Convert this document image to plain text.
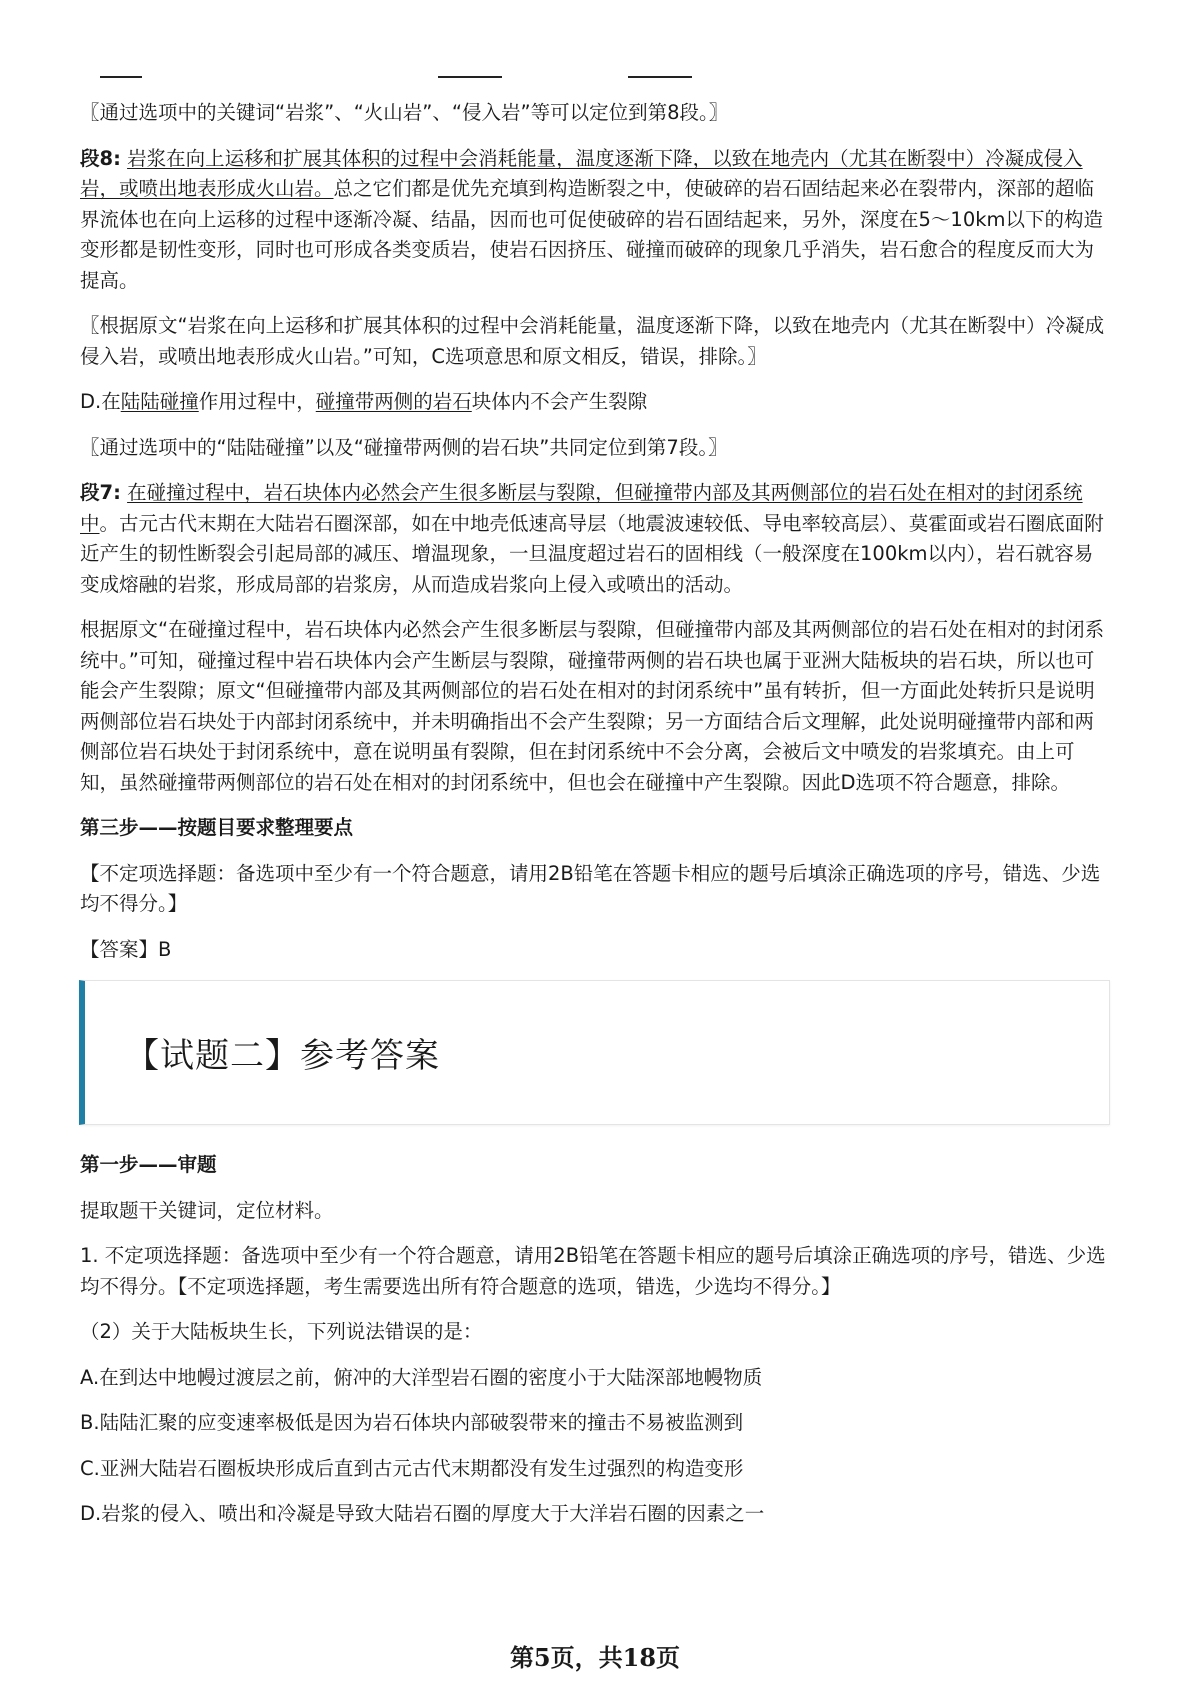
〖通过选项中的关键词“岩浆”、“火山岩”、“侵入岩”等可以定位到第8段。〗

段8: 岩浆在向上运移和扩展其体积的过程中会消耗能量，温度逐渐下降，以致在地壳内（尤其在断裂中）冷凝成侵入岩，或喷出地表形成火山岩。总之它们都是优先充填到构造断裂之中，使破碎的岩石固结起来必在裂带内，深部的超临界流体也在向上运移的过程中逐渐冷凝、结晶，因而也可促使破碎的岩石固结起来，另外，深度在5～10km以下的构造变形都是韧性变形，同时也可形成各类变质岩，使岩石因挤压、碰撞而破碎的现象几乎消失，岩石愈合的程度反而大为提高。

〖根据原文“岩浆在向上运移和扩展其体积的过程中会消耗能量，温度逐渐下降，以致在地壳内（尤其在断裂中）冷凝成侵入岩，或喷出地表形成火山岩。”可知，C选项意思和原文相反，错误，排除。〗

D.在陆陆碰撞作用过程中，碰撞带两侧的岩石块体内不会产生裂隙

〖通过选项中的“陆陆碰撞”以及“碰撞带两侧的岩石块”共同定位到第7段。〗

段7: 在碰撞过程中，岩石块体内必然会产生很多断层与裂隙，但碰撞带内部及其两侧部位的岩石处在相对的封闭系统中。古元古代末期在大陆岩石圈深部，如在中地壳低速高导层（地震波速较低、导电率较高层）、莫霍面或岩石圈底面附近产生的韧性断裂会引起局部的减压、增温现象，一旦温度超过岩石的固相线（一般深度在100km以内），岩石就容易变成熔融的岩浆，形成局部的岩浆房，从而造成岩浆向上侵入或喷出的活动。

根据原文“在碰撞过程中，岩石块体内必然会产生很多断层与裂隙，但碰撞带内部及其两侧部位的岩石处在相对的封闭系统中。”可知，碰撞过程中岩石块体内会产生断层与裂隙，碰撞带两侧的岩石块也属于亚洲大陆板块的岩石块，所以也可能会产生裂隙；原文“但碰撞带内部及其两侧部位的岩石处在相对的封闭系统中”虽有转折，但一方面此处转折只是说明两侧部位岩石块处于内部封闭系统中，并未明确指出不会产生裂隙；另一方面结合后文理解，此处说明碰撞带内部和两侧部位岩石块处于封闭系统中，意在说明虽有裂隙，但在封闭系统中不会分离，会被后文中喷发的岩浆填充。由上可知，虽然碰撞带两侧部位的岩石处在相对的封闭系统中，但也会在碰撞中产生裂隙。因此D选项不符合题意，排除。

第三步——按题目要求整理要点

【不定项选择题：备选项中至少有一个符合题意，请用2B铅笔在答题卡相应的题号后填涂正确选项的序号，错选、少选均不得分。】

【答案】B

【试题二】参考答案

第一步——审题

提取题干关键词，定位材料。

1. 不定项选择题：备选项中至少有一个符合题意，请用2B铅笔在答题卡相应的题号后填涂正确选项的序号，错选、少选均不得分。【不定项选择题，考生需要选出所有符合题意的选项，错选，少选均不得分。】

（2）关于大陆板块生长，下列说法错误的是：

A.在到达中地幔过渡层之前，俯冲的大洋型岩石圈的密度小于大陆深部地幔物质

B.陆陆汇聚的应变速率极低是因为岩石体块内部破裂带来的撞击不易被监测到

C.亚洲大陆岩石圈板块形成后直到古元古代末期都没有发生过强烈的构造变形

D.岩浆的侵入、喷出和冷凝是导致大陆岩石圈的厚度大于大洋岩石圈的因素之一

第5页，共18页
